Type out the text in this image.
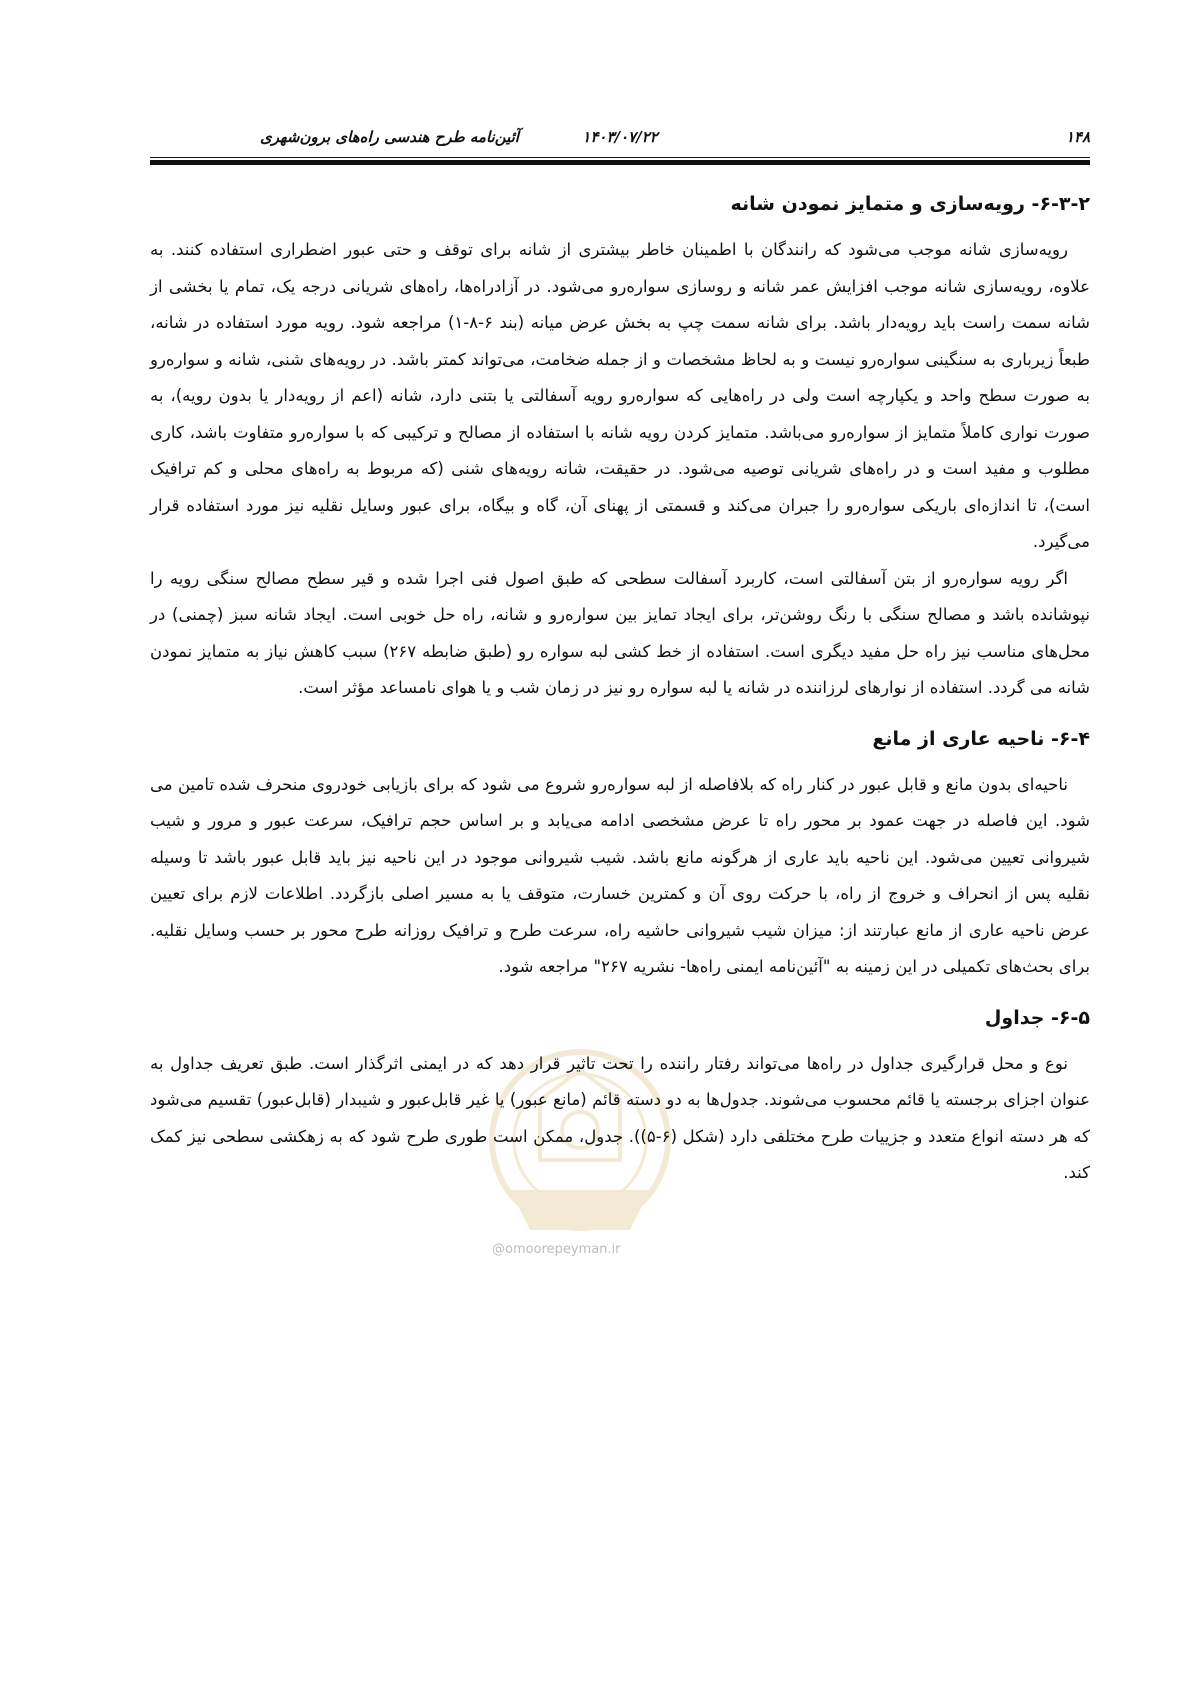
۱۴۸
۱۴۰۳/۰۷/۲۲
آئین‌نامه طرح هندسی راه‌های برون‌شهری
@omoorepeyman.ir
۶-۳-۲- رویه‌سازی و متمایز نمودن شانه

رویه‌سازی شانه موجب می‌شود که رانندگان با اطمینان خاطر بیشتری از شانه برای توقف و حتی عبور اضطراری استفاده کنند. به علاوه، رویه‌سازی شانه موجب افزایش عمر شانه و روسازی سواره‌رو می‌شود. در آزادراه‌ها، راه‌های شریانی درجه یک، تمام یا بخشی از شانه سمت راست باید رویه‌دار باشد. برای شانه سمت چپ به بخش عرض میانه (بند ۶-۸-۱) مراجعه شود. رویه مورد استفاده در شانه، طبعاً زیرباری به سنگینی سواره‌رو نیست و به لحاظ مشخصات و از جمله ضخامت، می‌تواند کمتر باشد. در رویه‌های شنی، شانه و سواره‌رو به صورت سطح واحد و یکپارچه است ولی در راه‌هایی که سواره‌رو رویه آسفالتی یا بتنی دارد، شانه (اعم از رویه‌دار یا بدون رویه)، به صورت نواری کاملاً متمایز از سواره‌رو می‌باشد. متمایز کردن رویه شانه با استفاده از مصالح و ترکیبی که با سواره‌رو متفاوت باشد، کاری مطلوب و مفید است و در راه‌های شریانی توصیه می‌شود. در حقیقت، شانه رویه‌های شنی (که مربوط به راه‌های محلی و کم ترافیک است)، تا اندازه‌ای باریکی سواره‌رو را جبران می‌کند و قسمتی از پهنای آن، گاه و بیگاه، برای عبور وسایل نقلیه نیز مورد استفاده قرار می‌گیرد.

اگر رویه سواره‌رو از بتن آسفالتی است، کاربرد آسفالت سطحی که طبق اصول فنی اجرا شده و قیر سطح مصالح سنگی رویه را نپوشانده باشد و مصالح سنگی با رنگ روشن‌تر، برای ایجاد تمایز بین سواره‌رو و شانه، راه حل خوبی است. ایجاد شانه سبز (چمنی) در محل‌های مناسب نیز راه حل مفید دیگری است. استفاده از خط کشی لبه سواره رو (طبق ضابطه ۲۶۷) سبب کاهش نیاز به متمایز نمودن شانه می گردد. استفاده از نوارهای لرزاننده در شانه یا لبه سواره رو نیز در زمان شب و یا هوای نامساعد مؤثر است.

۶-۴- ناحیه عاری از مانع

ناحیه‌ای بدون مانع و قابل عبور در کنار راه که بلافاصله از لبه سواره‌رو شروع می شود که برای بازیابی خودروی منحرف شده تامین می شود. این فاصله در جهت عمود بر محور راه تا عرض مشخصی ادامه می‌یابد و بر اساس حجم ترافیک، سرعت عبور و مرور و شیب شیروانی تعیین می‌شود. این ناحیه باید عاری از هرگونه مانع باشد. شیب شیروانی موجود در این ناحیه نیز باید قابل عبور باشد تا وسیله نقلیه پس از انحراف و خروج از راه، با حرکت روی آن و کمترین خسارت، متوقف یا به مسیر اصلی بازگردد. اطلاعات لازم برای تعیین عرض ناحیه عاری از مانع عبارتند از: میزان شیب شیروانی حاشیه راه، سرعت طرح و ترافیک روزانه طرح محور بر حسب وسایل نقلیه. برای بحث‌های تکمیلی در این زمینه به "آئین‌نامه ایمنی راه‌ها- نشریه ۲۶۷" مراجعه شود.

۶-۵- جداول

نوع و محل قرارگیری جداول در راه‌ها می‌تواند رفتار راننده را تحت تاثیر قرار دهد که در ایمنی اثرگذار است. طبق تعریف جداول به عنوان اجزای برجسته یا قائم محسوب می‌شوند. جدول‌ها به دو دسته قائم (مانع عبور) یا غیر قابل‌عبور و شیبدار (قابل‌عبور) تقسیم می‌شود که هر دسته انواع متعدد و جزییات طرح مختلفی دارد (شکل (۶-۵)). جدول، ممکن است طوری طرح شود که به زهکشی سطحی نیز کمک کند.
